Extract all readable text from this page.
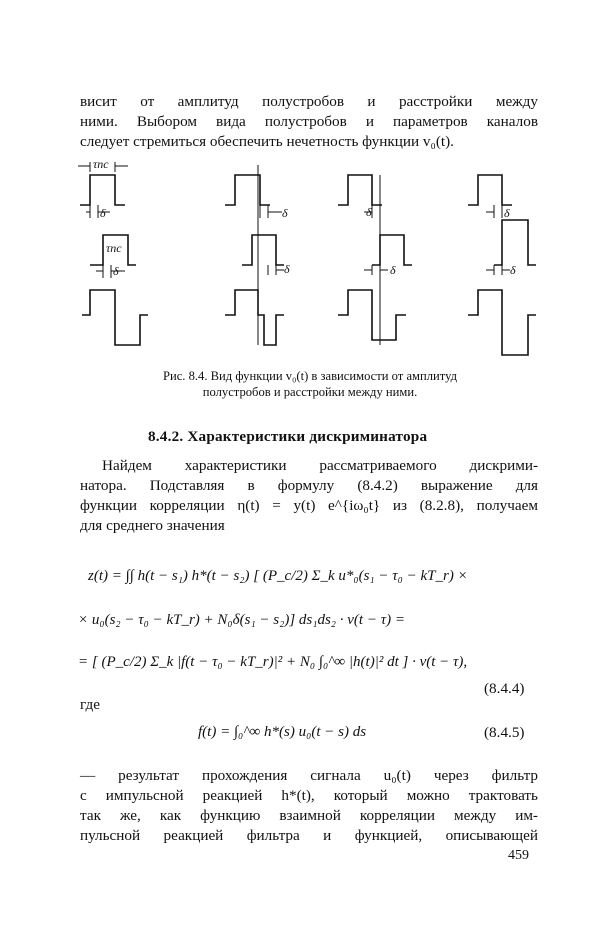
висит от амплитуд полустробов и расстройки между
ними. Выбором вида полустробов и параметров каналов
следует стремиться обеспечить нечетность функции v₀(t).
τпс
δ
τпс
δ
δ
δ
δ
δ
δ
δ
Рис. 8.4. Вид функции v₀(t) в зависимости от амплитуд
полустробов и расстройки между ними.
8.4.2. Характеристики дискриминатора
Найдем характеристики рассматриваемого дискрими-
натора. Подставляя в формулу (8.4.2) выражение для
функции корреляции η(t) = y(t) e^{iω₀t} из (8.2.8), получаем
для среднего значения
z(t) = ∫∫ h(t − s₁) h*(t − s₂) [ (P_c/2) Σ_k u*₀(s₁ − τ₀ − kT_r) ×
× u₀(s₂ − τ₀ − kT_r) + N₀δ(s₁ − s₂)] ds₁ds₂ · v(t − τ) =
= [ (P_c/2) Σ_k |f(t − τ₀ − kT_r)|² + N₀ ∫₀^∞ |h(t)|² dt ] · v(t − τ),
(8.4.4)
где
f(t) = ∫₀^∞ h*(s) u₀(t − s) ds	(8.4.5)
— результат прохождения сигнала u₀(t) через фильтр
с импульсной реакцией h*(t), который можно трактовать
так же, как функцию взаимной корреляции между им-
пульсной реакцией фильтра и функцией, описывающей
459
